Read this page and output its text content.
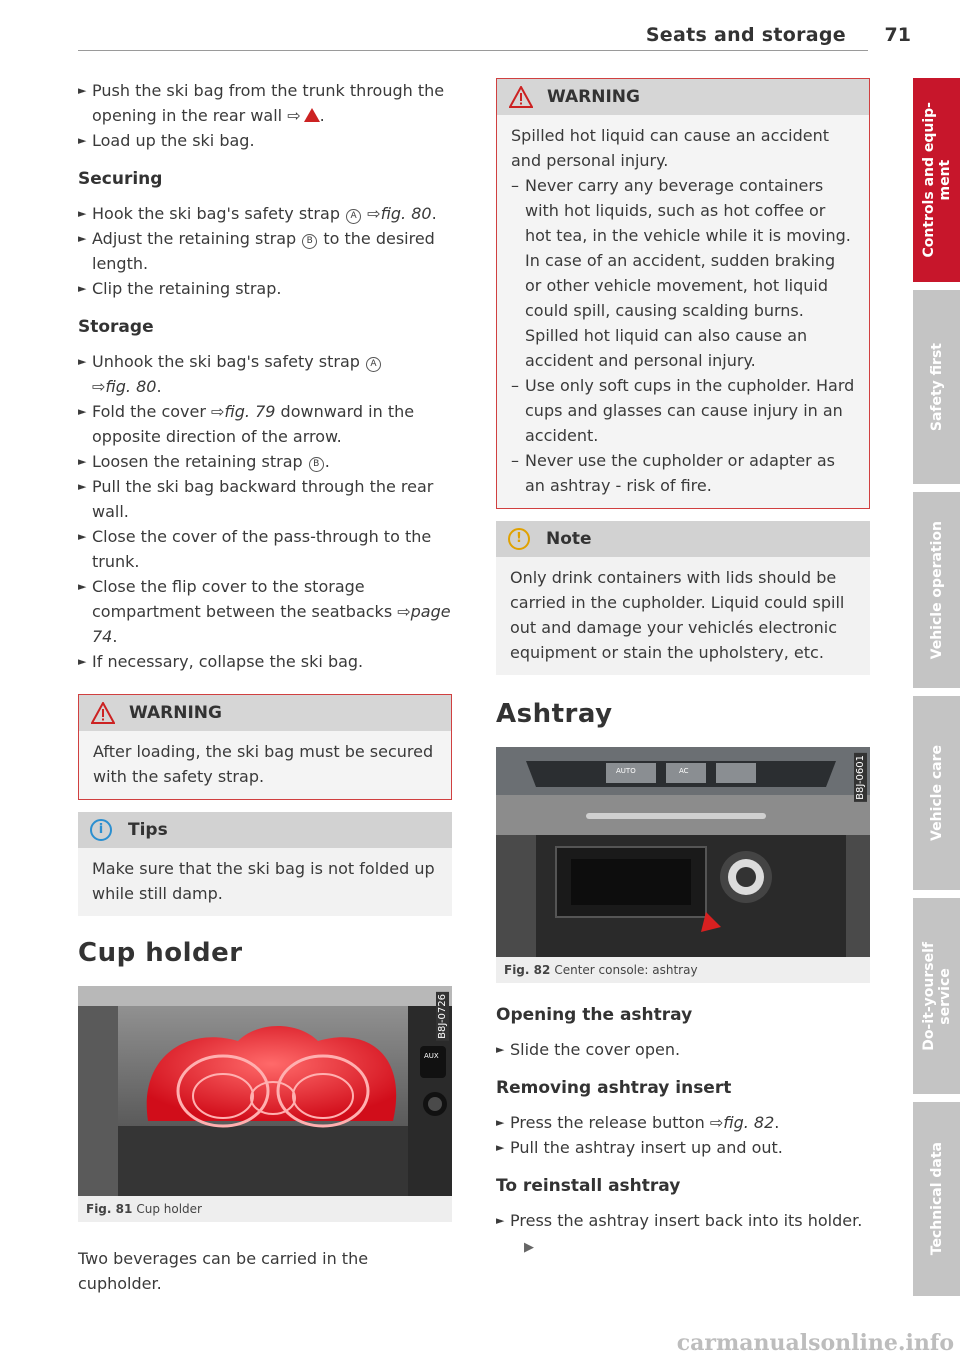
Seats and storage 71
► Push the ski bag from the trunk through the opening in the rear wall ⇨ .
► Load up the ski bag.
Securing
► Hook the ski bag's safety strap A ⇨fig. 80.
► Adjust the retaining strap B to the desired length.
► Clip the retaining strap.
Storage
► Unhook the ski bag's safety strap A
⇨fig. 80.
► Fold the cover ⇨fig. 79 downward in the opposite direction of the arrow.
► Loosen the retaining strap B .
► Pull the ski bag backward through the rear wall.
► Close the cover of the pass-through to the trunk.
► Close the flip cover to the storage compartment between the seatbacks ⇨page 74.
► If necessary, collapse the ski bag.
WARNING
After loading, the ski bag must be secured with the safety strap.
i	Tips
Make sure that the ski bag is not folded up while still damp.
Cup holder
AUX
B8J-0726
Fig. 81 Cup holder
Two beverages can be carried in the cupholder.
WARNING
Spilled hot liquid can cause an accident and personal injury.
– Never carry any beverage containers with hot liquids, such as hot coffee or hot tea, in the vehicle while it is moving. In case of an accident, sudden braking or other vehicle movement, hot liquid could spill, causing scalding burns. Spilled hot liquid can also cause an accident and personal injury.
– Use only soft cups in the cupholder. Hard cups and glasses can cause injury in an accident.
– Never use the cupholder or adapter as an ashtray - risk of fire.
!	Note
Only drink containers with lids should be carried in the cupholder. Liquid could spill out and damage your vehiclés electronic equipment or stain the upholstery, etc.
Ashtray
AUTO	AC	B8J-0601
Fig. 82 Center console: ashtray
Opening the ashtray
► Slide the cover open.
Removing ashtray insert
► Press the release button ⇨fig. 82.
► Pull the ashtray insert up and out.
To reinstall ashtray
► Press the ashtray insert back into its holder.▶
Controls and equip-
ment
Safety first
Vehicle operation
Vehicle care
Do-it-yourself
service
Technical data
carmanualsonline.info
